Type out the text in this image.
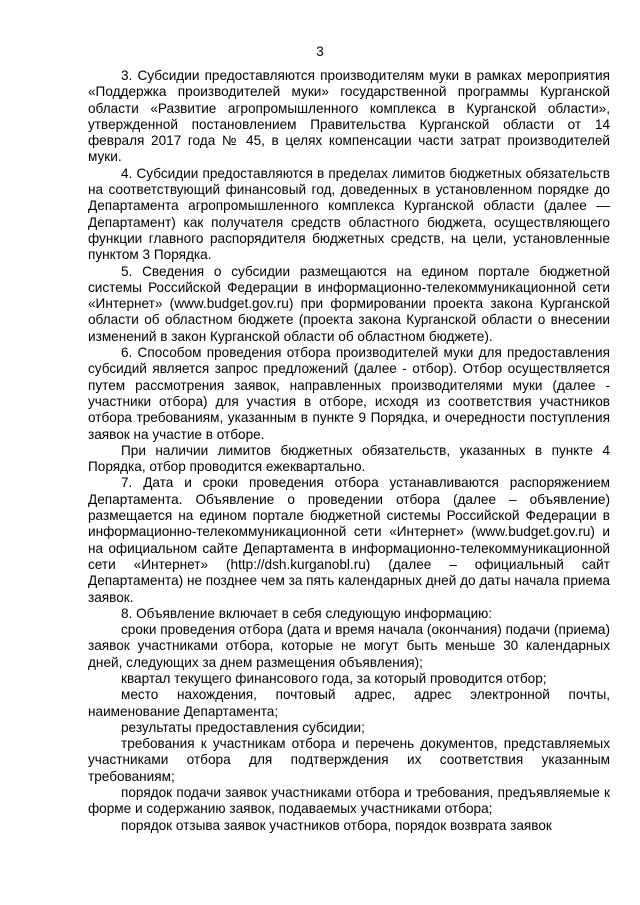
3

3. Субсидии предоставляются производителям муки в рамках мероприятия «Поддержка производителей муки» государственной программы Курганской области «Развитие агропромышленного комплекса в Курганской области», утвержденной постановлением Правительства Курганской области от 14 февраля 2017 года № 45, в целях компенсации части затрат производителей муки.

4. Субсидии предоставляются в пределах лимитов бюджетных обязательств на соответствующий финансовый год, доведенных в установленном порядке до Департамента агропромышленного комплекса Курганской области (далее — Департамент) как получателя средств областного бюджета, осуществляющего функции главного распорядителя бюджетных средств, на цели, установленные пунктом 3 Порядка.

5. Сведения о субсидии размещаются на едином портале бюджетной системы Российской Федерации в информационно-телекоммуникационной сети «Интернет» (www.budget.gov.ru) при формировании проекта закона Курганской области об областном бюджете (проекта закона Курганской области о внесении изменений в закон Курганской области об областном бюджете).

6. Способом проведения отбора производителей муки для предоставления субсидий является запрос предложений (далее - отбор). Отбор осуществляется путем рассмотрения заявок, направленных производителями муки (далее - участники отбора) для участия в отборе, исходя из соответствия участников отбора требованиям, указанным в пункте 9 Порядка, и очередности поступления заявок на участие в отборе.

При наличии лимитов бюджетных обязательств, указанных в пункте 4 Порядка, отбор проводится ежеквартально.

7. Дата и сроки проведения отбора устанавливаются распоряжением Департамента. Объявление о проведении отбора (далее – объявление) размещается на едином портале бюджетной системы Российской Федерации в информационно-телекоммуникационной сети «Интернет» (www.budget.gov.ru) и на официальном сайте Департамента в информационно-телекоммуникационной сети «Интернет» (http://dsh.kurganobl.ru) (далее – официальный сайт Департамента) не позднее чем за пять календарных дней до даты начала приема заявок.

8. Объявление включает в себя следующую информацию:

сроки проведения отбора (дата и время начала (окончания) подачи (приема) заявок участниками отбора, которые не могут быть меньше 30 календарных дней, следующих за днем размещения объявления);

квартал текущего финансового года, за который проводится отбор;

место нахождения, почтовый адрес, адрес электронной почты, наименование Департамента;

результаты предоставления субсидии;

требования к участникам отбора и перечень документов, представляемых участниками отбора для подтверждения их соответствия указанным требованиям;

порядок подачи заявок участниками отбора и требования, предъявляемые к форме и содержанию заявок, подаваемых участниками отбора;

порядок отзыва заявок участников отбора, порядок возврата заявок
